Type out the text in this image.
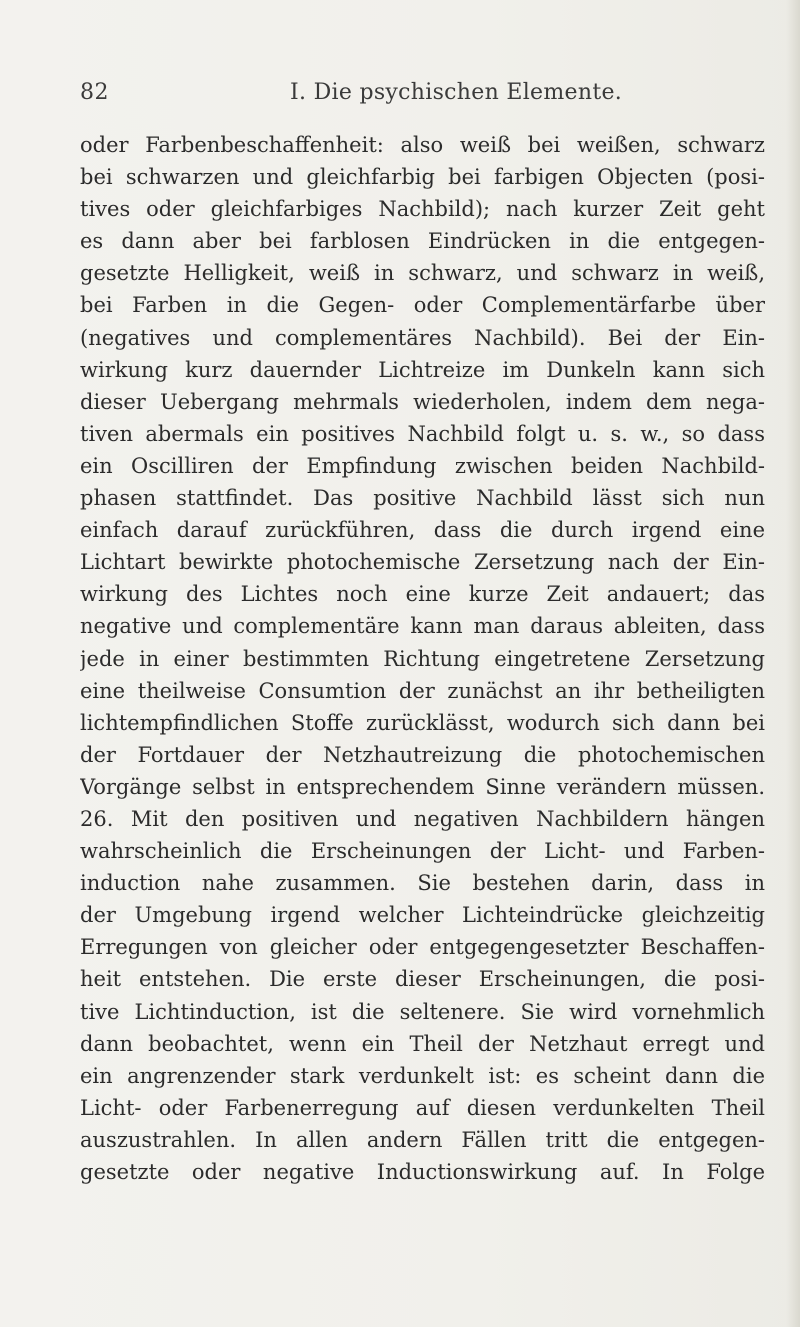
82	I. Die psychischen Elemente.
oder Farbenbeschaffenheit: also weiß bei weißen, schwarz
bei schwarzen und gleichfarbig bei farbigen Objecten (posi-
tives oder gleichfarbiges Nachbild); nach kurzer Zeit geht
es dann aber bei farblosen Eindrücken in die entgegen-
gesetzte Helligkeit, weiß in schwarz, und schwarz in weiß,
bei Farben in die Gegen- oder Complementärfarbe über
(negatives und complementäres Nachbild). Bei der Ein-
wirkung kurz dauernder Lichtreize im Dunkeln kann sich
dieser Uebergang mehrmals wiederholen, indem dem nega-
tiven abermals ein positives Nachbild folgt u. s. w., so dass
ein Oscilliren der Empfindung zwischen beiden Nachbild-
phasen stattfindet. Das positive Nachbild lässt sich nun
einfach darauf zurückführen, dass die durch irgend eine
Lichtart bewirkte photochemische Zersetzung nach der Ein-
wirkung des Lichtes noch eine kurze Zeit andauert; das
negative und complementäre kann man daraus ableiten, dass
jede in einer bestimmten Richtung eingetretene Zersetzung
eine theilweise Consumtion der zunächst an ihr betheiligten
lichtempfindlichen Stoffe zurücklässt, wodurch sich dann bei
der Fortdauer der Netzhautreizung die photochemischen
Vorgänge selbst in entsprechendem Sinne verändern müssen.
26. Mit den positiven und negativen Nachbildern hängen
wahrscheinlich die Erscheinungen der Licht- und Farben-
induction nahe zusammen. Sie bestehen darin, dass in
der Umgebung irgend welcher Lichteindrücke gleichzeitig
Erregungen von gleicher oder entgegengesetzter Beschaffen-
heit entstehen. Die erste dieser Erscheinungen, die posi-
tive Lichtinduction, ist die seltenere. Sie wird vornehmlich
dann beobachtet, wenn ein Theil der Netzhaut erregt und
ein angrenzender stark verdunkelt ist: es scheint dann die
Licht- oder Farbenerregung auf diesen verdunkelten Theil
auszustrahlen. In allen andern Fällen tritt die entgegen-
gesetzte oder negative Inductionswirkung auf. In Folge
